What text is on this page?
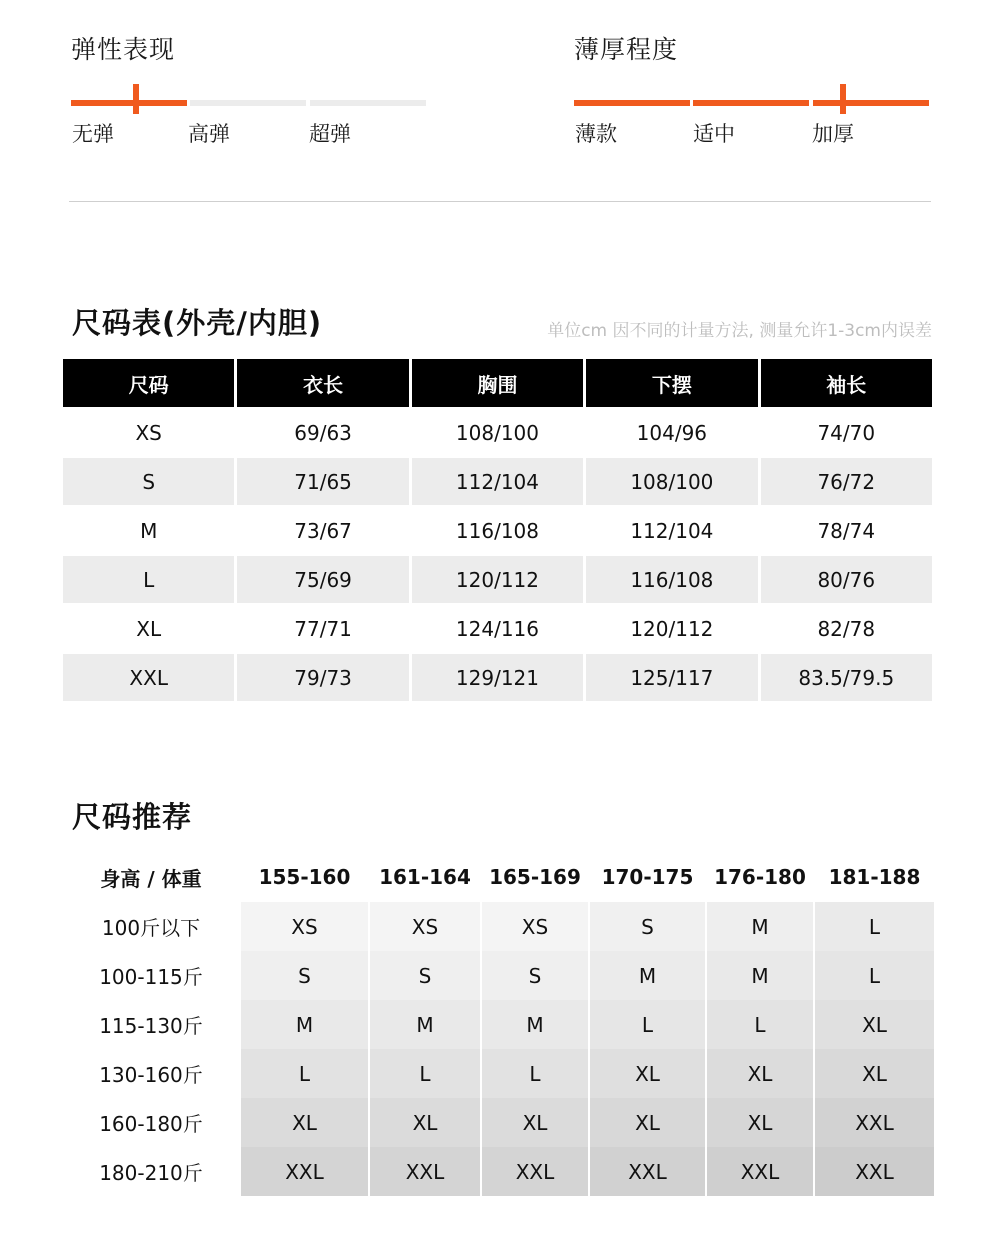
弹性表现
无弹	高弹	超弹
薄厚程度
薄款	适中	加厚
尺码表(外壳/内胆)	单位cm 因不同的计量方法, 测量允许1-3cm内误差
尺码	衣长	胸围	下摆	袖长
XS	69/63	108/100	104/96	74/70
S	71/65	112/104	108/100	76/72
M	73/67	116/108	112/104	78/74
L	75/69	120/112	116/108	80/76
XL	77/71	124/116	120/112	82/78
XXL	79/73	129/121	125/117	83.5/79.5
尺码推荐
身高 / 体重	155-160	161-164	165-169	170-175	176-180	181-188
100斤以下	XS	XS	XS	S	M	L
100-115斤	S	S	S	M	M	L
115-130斤	M	M	M	L	L	XL
130-160斤	L	L	L	XL	XL	XL
160-180斤	XL	XL	XL	XL	XL	XXL
180-210斤	XXL	XXL	XXL	XXL	XXL	XXL
